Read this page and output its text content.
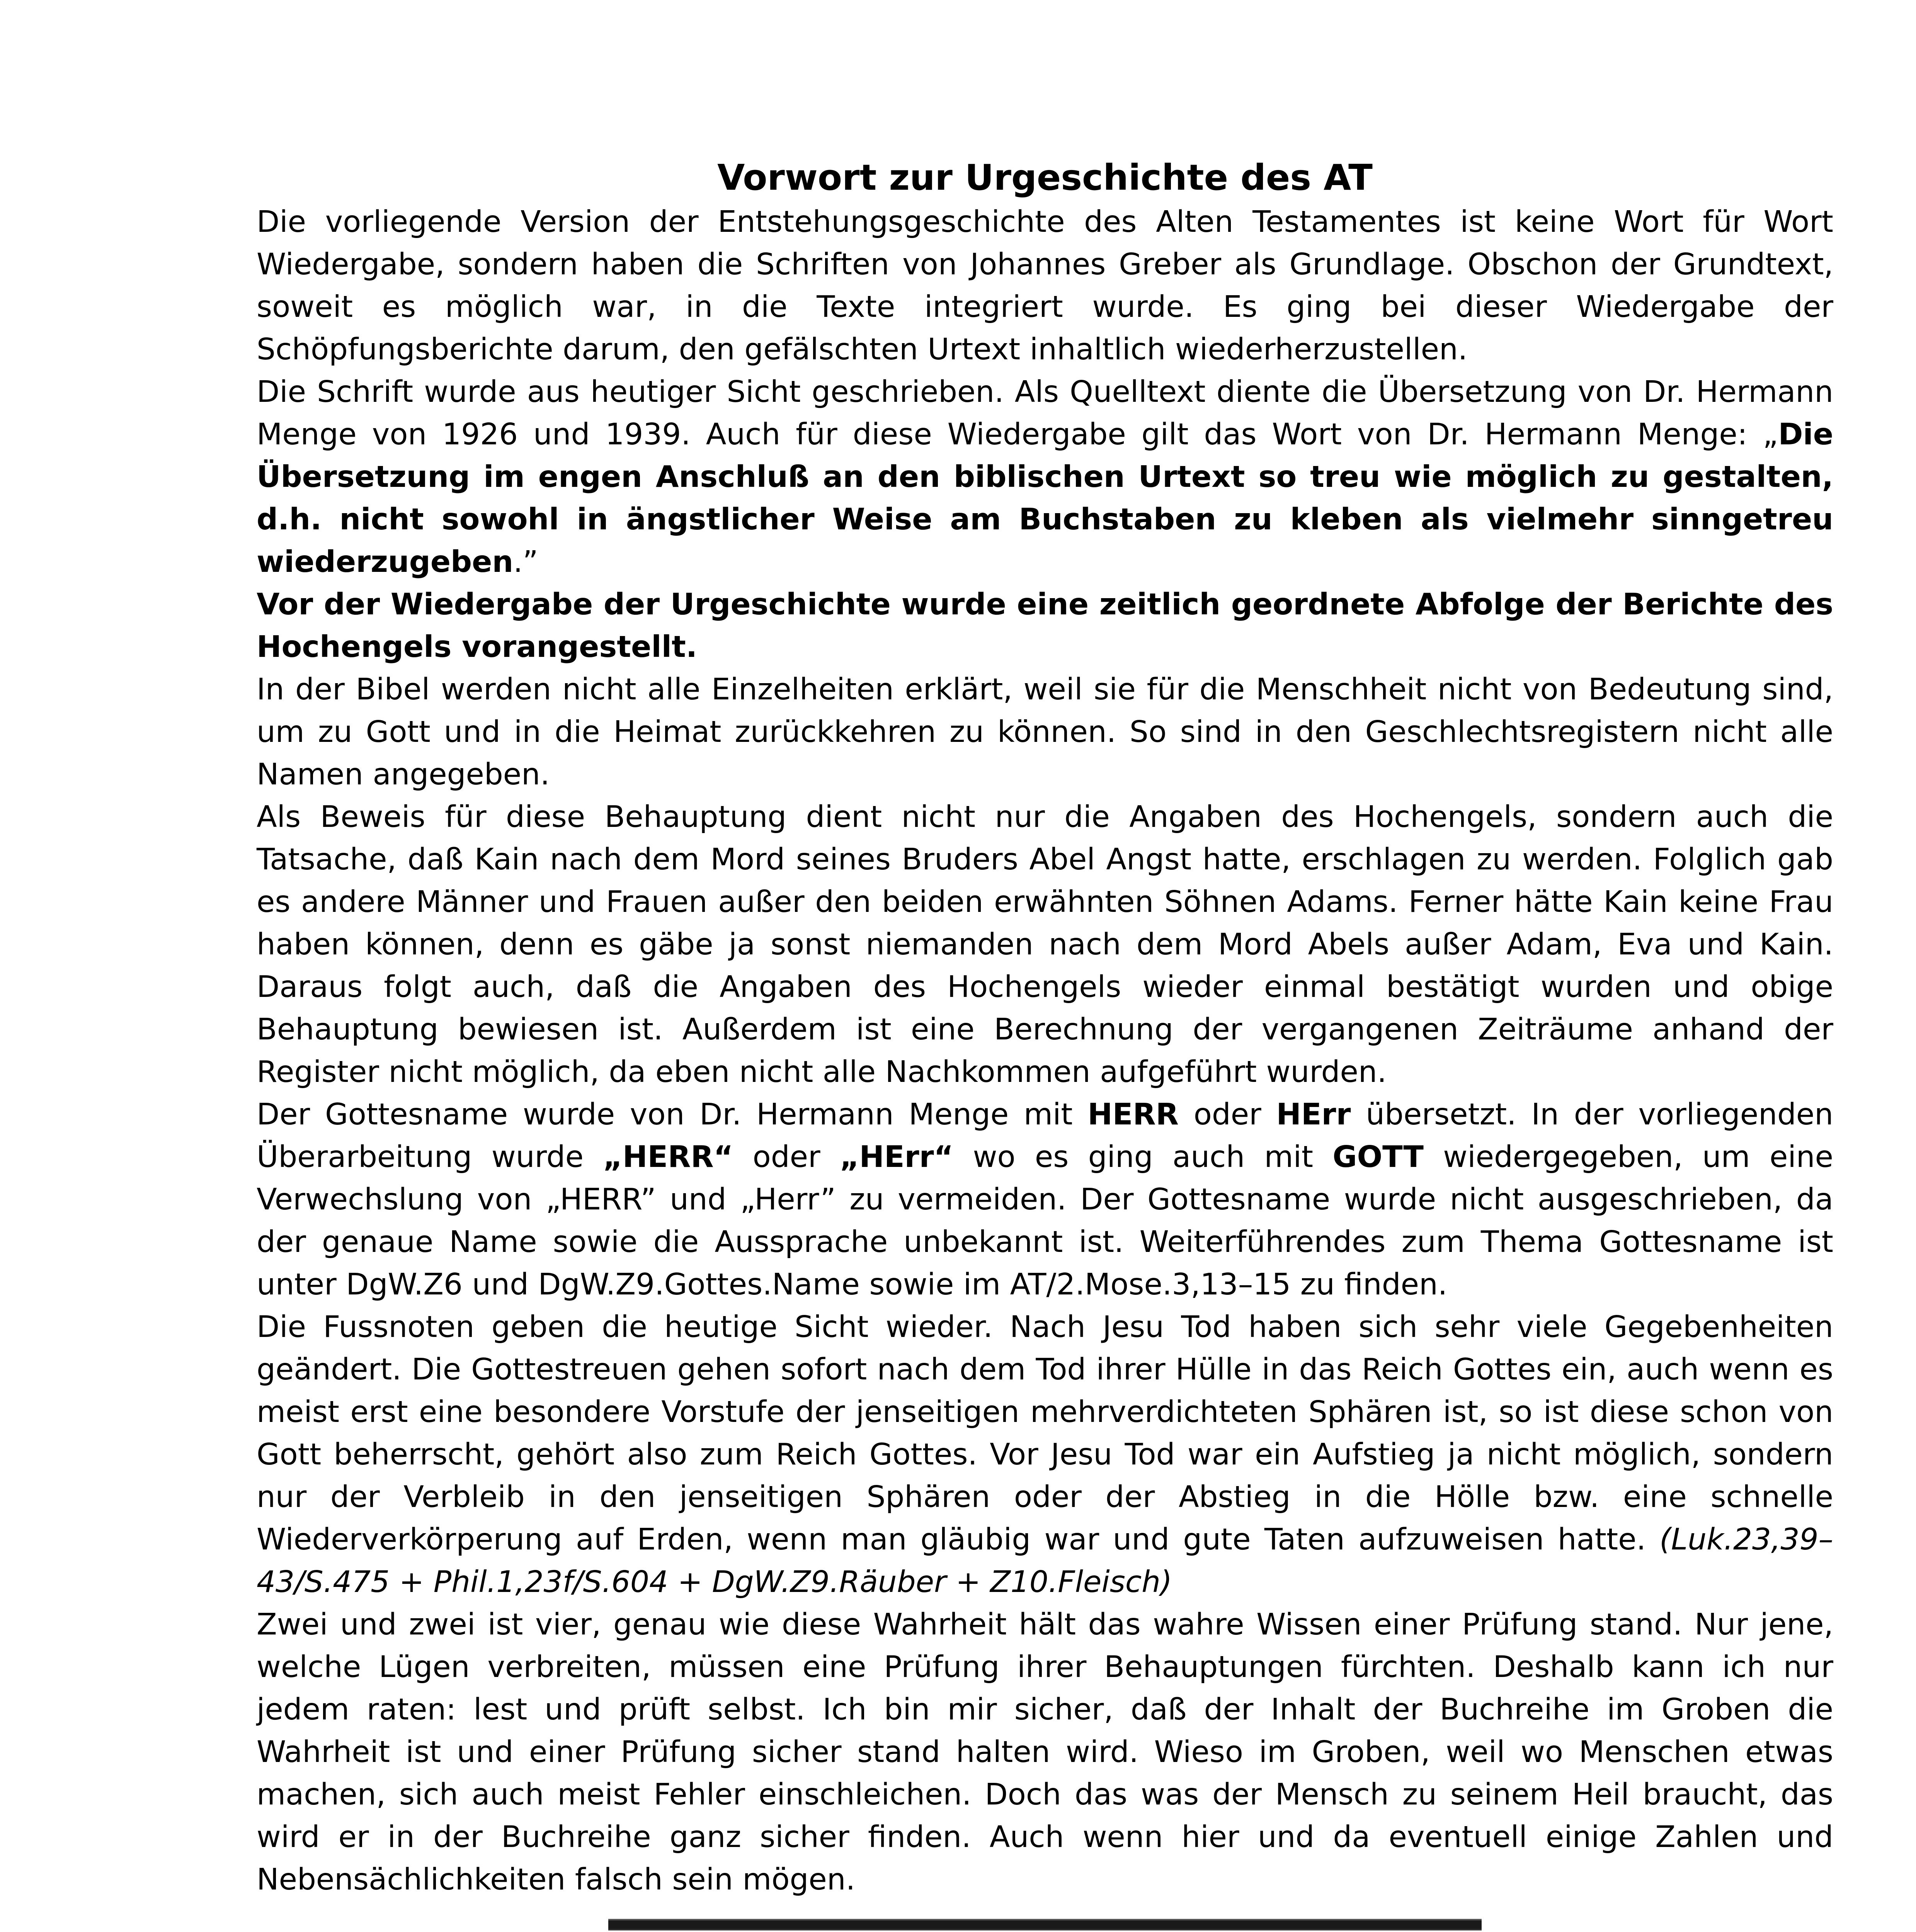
Vorwort zur Urgeschichte des AT

Die vorliegende Version der Entstehungsgeschichte des Alten Testamentes ist keine Wort für Wort Wiedergabe, sondern haben die Schriften von Johannes Greber als Grundlage. Obschon der Grundtext, soweit es möglich war, in die Texte integriert wurde. Es ging bei dieser Wiedergabe der Schöpfungsberichte darum, den gefälschten Urtext inhaltlich wiederherzustellen.

Die Schrift wurde aus heutiger Sicht geschrieben. Als Quelltext diente die Übersetzung von Dr. Hermann Menge von 1926 und 1939. Auch für diese Wiedergabe gilt das Wort von Dr. Hermann Menge: „Die Übersetzung im engen Anschluß an den biblischen Urtext so treu wie möglich zu gestalten, d.h. nicht sowohl in ängstlicher Weise am Buchstaben zu kleben als vielmehr sinngetreu wiederzugeben.”

Vor der Wiedergabe der Urgeschichte wurde eine zeitlich geordnete Abfolge der Berichte des Hochengels vorangestellt.

In der Bibel werden nicht alle Einzelheiten erklärt, weil sie für die Menschheit nicht von Bedeutung sind, um zu Gott und in die Heimat zurückkehren zu können. So sind in den Geschlechtsregistern nicht alle Namen angegeben.

Als Beweis für diese Behauptung dient nicht nur die Angaben des Hochengels, sondern auch die Tatsache, daß Kain nach dem Mord seines Bruders Abel Angst hatte, erschlagen zu werden. Folglich gab es andere Männer und Frauen außer den beiden erwähnten Söhnen Adams. Ferner hätte Kain keine Frau haben können, denn es gäbe ja sonst niemanden nach dem Mord Abels außer Adam, Eva und Kain. Daraus folgt auch, daß die Angaben des Hochengels wieder einmal bestätigt wurden und obige Behauptung bewiesen ist. Außerdem ist eine Berechnung der vergangenen Zeiträume anhand der Register nicht möglich, da eben nicht alle Nachkommen aufgeführt wurden.

Der Gottesname wurde von Dr. Hermann Menge mit HERR oder HErr übersetzt. In der vorliegenden Überarbeitung wurde „HERR“ oder „HErr“ wo es ging auch mit GOTT wiedergegeben, um eine Verwechslung von „HERR” und „Herr” zu vermeiden. Der Gottesname wurde nicht ausgeschrieben, da der genaue Name sowie die Aussprache unbekannt ist. Weiterführendes zum Thema Gottesname ist unter DgW.Z6 und DgW.Z9.Gottes.Name sowie im AT/2.Mose.3,13–15 zu finden.

Die Fussnoten geben die heutige Sicht wieder. Nach Jesu Tod haben sich sehr viele Gegebenheiten geändert. Die Gottestreuen gehen sofort nach dem Tod ihrer Hülle in das Reich Gottes ein, auch wenn es meist erst eine besondere Vorstufe der jenseitigen mehrverdichteten Sphären ist, so ist diese schon von Gott beherrscht, gehört also zum Reich Gottes. Vor Jesu Tod war ein Aufstieg ja nicht möglich, sondern nur der Verbleib in den jenseitigen Sphären oder der Abstieg in die Hölle bzw. eine schnelle Wiederverkörperung auf Erden, wenn man gläubig war und gute Taten aufzuweisen hatte. (Luk.23,39–43/S.475 + Phil.1,23f/S.604 + DgW.Z9.Räuber + Z10.Fleisch)

Zwei und zwei ist vier, genau wie diese Wahrheit hält das wahre Wissen einer Prüfung stand. Nur jene, welche Lügen verbreiten, müssen eine Prüfung ihrer Behauptungen fürchten. Deshalb kann ich nur jedem raten: lest und prüft selbst. Ich bin mir sicher, daß der Inhalt der Buchreihe im Groben die Wahrheit ist und einer Prüfung sicher stand halten wird. Wieso im Groben, weil wo Menschen etwas machen, sich auch meist Fehler einschleichen. Doch das was der Mensch zu seinem Heil braucht, das wird er in der Buchreihe ganz sicher finden. Auch wenn hier und da eventuell einige Zahlen und Nebensächlichkeiten falsch sein mögen.
